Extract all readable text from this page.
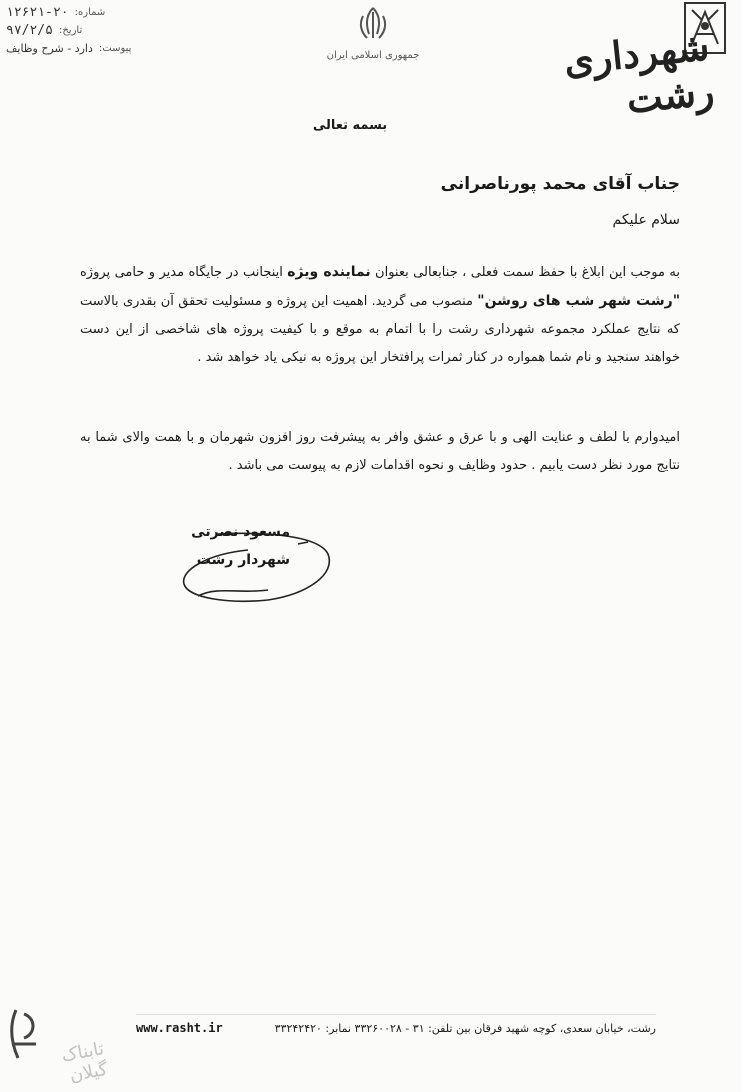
شماره:
۱۲۶۲۱-۲۰
تاریخ:
۹۷/۲/۵
پیوست:
دارد - شرح وظایف
جمهوری اسلامی ایران	شهرداری رشت
بسمه تعالی
جناب آقای محمد پورناصرانی
سلام علیکم
به موجب این ابلاغ با حفظ سمت فعلی ، جنابعالی بعنوان نماینده ویژه اینجانب در جایگاه مدیر و حامی پروژه "رشت شهر شب های روشن" منصوب می گردید. اهمیت این پروژه و مسئولیت تحقق آن بقدری بالاست که نتایج عملکرد مجموعه شهرداری رشت را با اتمام به موقع و با کیفیت پروژه های شاخصی از این دست خواهند سنجید و نام شما همواره در کنار ثمرات پرافتخار این پروژه به نیکی یاد خواهد شد .
امیدوارم با لطف و عنایت الهی و با عرق و عشق وافر به پیشرفت روز افزون شهرمان و با همت والای شما به نتایج مورد نظر دست یابیم . حدود وظایف و نحوه اقدامات لازم به پیوست می باشد .
مسعود نصرتی
شهردار رشت
www.rasht.ir	رشت، خیابان سعدی، کوچه شهید فرقان بین تلفن: ۳۱ - ۳۳۲۶۰۰۲۸ نمابر: ۳۳۲۴۲۴۲۰
تابناک گیلان
